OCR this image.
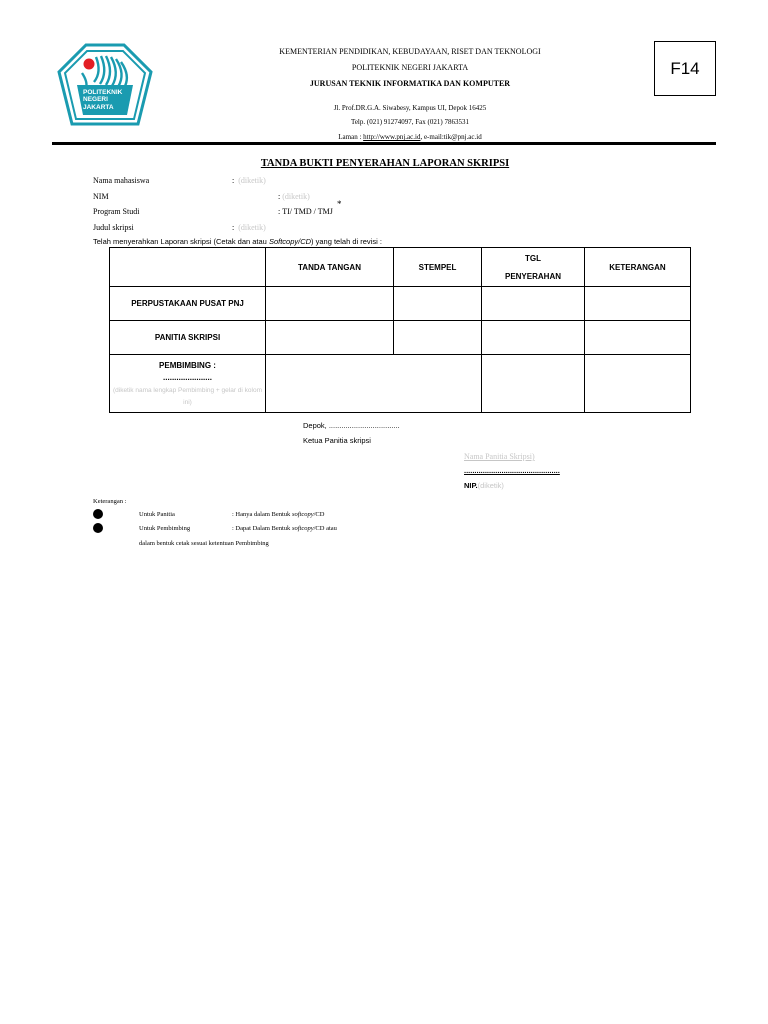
POLITEKNIK
NEGERI
JAKARTA
KEMENTERIAN PENDIDIKAN, KEBUDAYAAN, RISET DAN TEKNOLOGI
POLITEKNIK NEGERI JAKARTA
JURUSAN TEKNIK INFORMATIKA DAN KOMPUTER
Jl. Prof.DR.G.A. Siwabesy, Kampus UI, Depok 16425
Telp. (021) 91274097, Fax (021) 7863531
Laman : http://www.pnj.ac.id, e-mail:tik@pnj.ac.id
F14
TANDA BUKTI PENYERAHAN LAPORAN SKRIPSI
Nama mahasiswa	: (diketik)
NIM	: (diketik)
Program Studi	: TI/ TMD / TMJ
*
Judul skripsi	: (diketik)
Telah menyerahkan Laporan skripsi (Cetak dan atau Softcopy/CD) yang telah di revisi :
	TANDA TANGAN	STEMPEL	TGL
PENYERAHAN	KETERANGAN
PERPUSTAKAAN PUSAT PNJ				
PANITIA SKRIPSI				

PEMBIMBING :
......................
(diketik nama lengkap Pembimbing + gelar di kolom ini)				

Depok, ..................................
Ketua Panitia skripsi
Nama Panitia Skripsi)
..............................................
NIP.(diketik)
Keterangan :
Untuk Panitia	: Hanya dalam Bentuk softcopy/CD
Untuk Pembimbing	: Dapat Dalam Bentuk softcopy/CD atau
dalam bentuk cetak sesuai ketentuan Pembimbing
